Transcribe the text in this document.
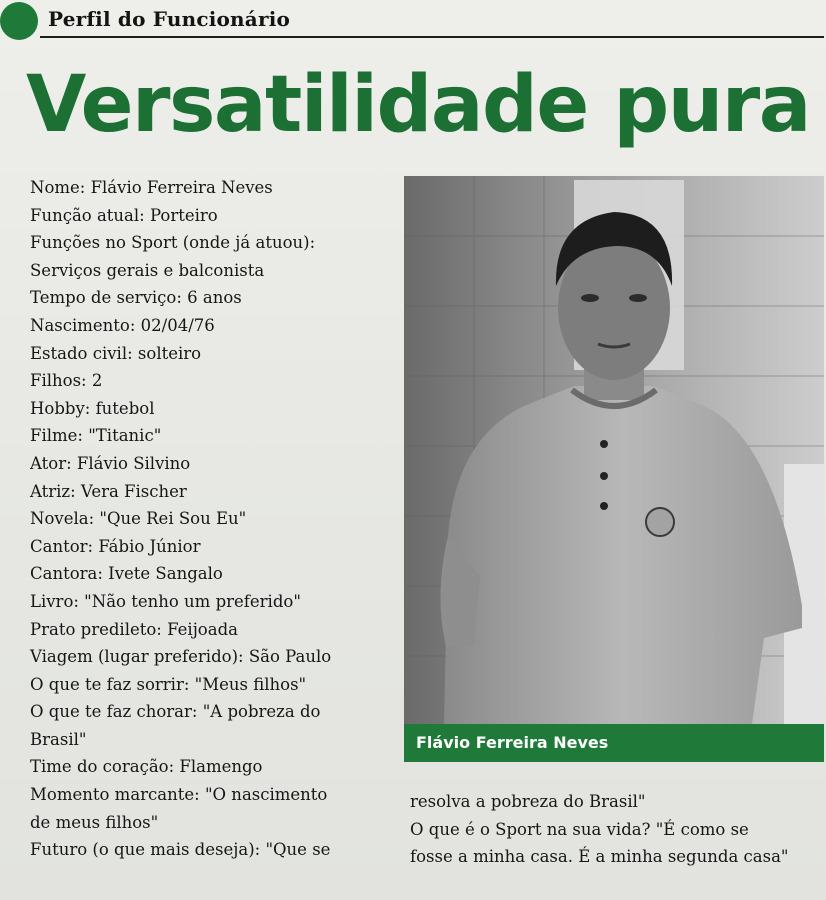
Perfil do Funcionário
Versatilidade pura
Nome: Flávio Ferreira Neves
Função atual: Porteiro
Funções no Sport (onde já atuou):
Serviços gerais e balconista
Tempo de serviço: 6 anos
Nascimento: 02/04/76
Estado civil: solteiro
Filhos: 2
Hobby: futebol
Filme: "Titanic"
Ator: Flávio Silvino
Atriz: Vera Fischer
Novela: "Que Rei Sou Eu"
Cantor: Fábio Júnior
Cantora: Ivete Sangalo
Livro: "Não tenho um preferido"
Prato predileto: Feijoada
Viagem (lugar preferido): São Paulo
O que te faz sorrir: "Meus filhos"
O que te faz chorar: "A pobreza do
Brasil"
Time do coração: Flamengo
Momento marcante: "O nascimento
de meus filhos"
Futuro (o que mais deseja): "Que se
Flávio Ferreira Neves

resolva a pobreza do Brasil"

O que é o Sport na sua vida? "É como se

fosse a minha casa. É a minha segunda casa"
